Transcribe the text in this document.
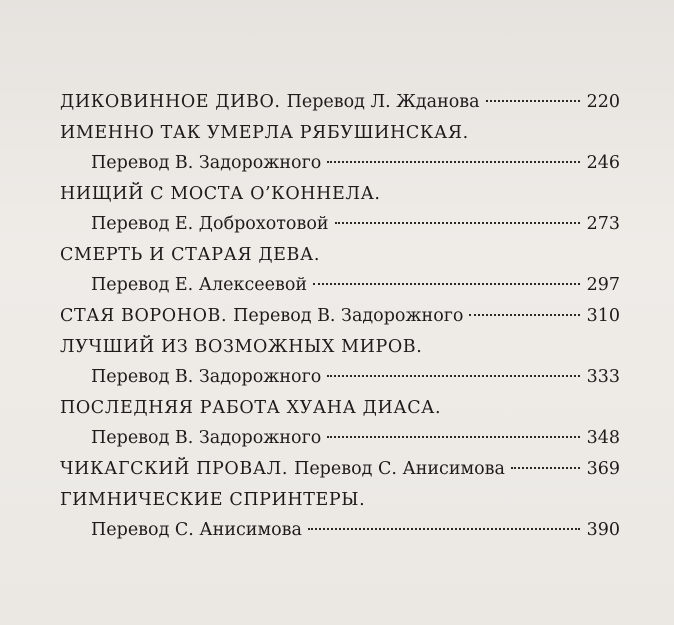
ДИКОВИННОЕ ДИВО. Перевод Л. Жданова	220
ИМЕННО ТАК УМЕРЛА РЯБУШИНСКАЯ.
Перевод В. Задорожного	246
НИЩИЙ С МОСТА О’КОННЕЛА.
Перевод Е. Доброхотовой	273
СМЕРТЬ И СТАРАЯ ДЕВА.
Перевод Е. Алексеевой	297
СТАЯ ВОРОНОВ. Перевод В. Задорожного	310
ЛУЧШИЙ ИЗ ВОЗМОЖНЫХ МИРОВ.
Перевод В. Задорожного	333
ПОСЛЕДНЯЯ РАБОТА ХУАНА ДИАСА.
Перевод В. Задорожного	348
ЧИКАГСКИЙ ПРОВАЛ. Перевод С. Анисимова	369
ГИМНИЧЕСКИЕ СПРИНТЕРЫ.
Перевод С. Анисимова	390
